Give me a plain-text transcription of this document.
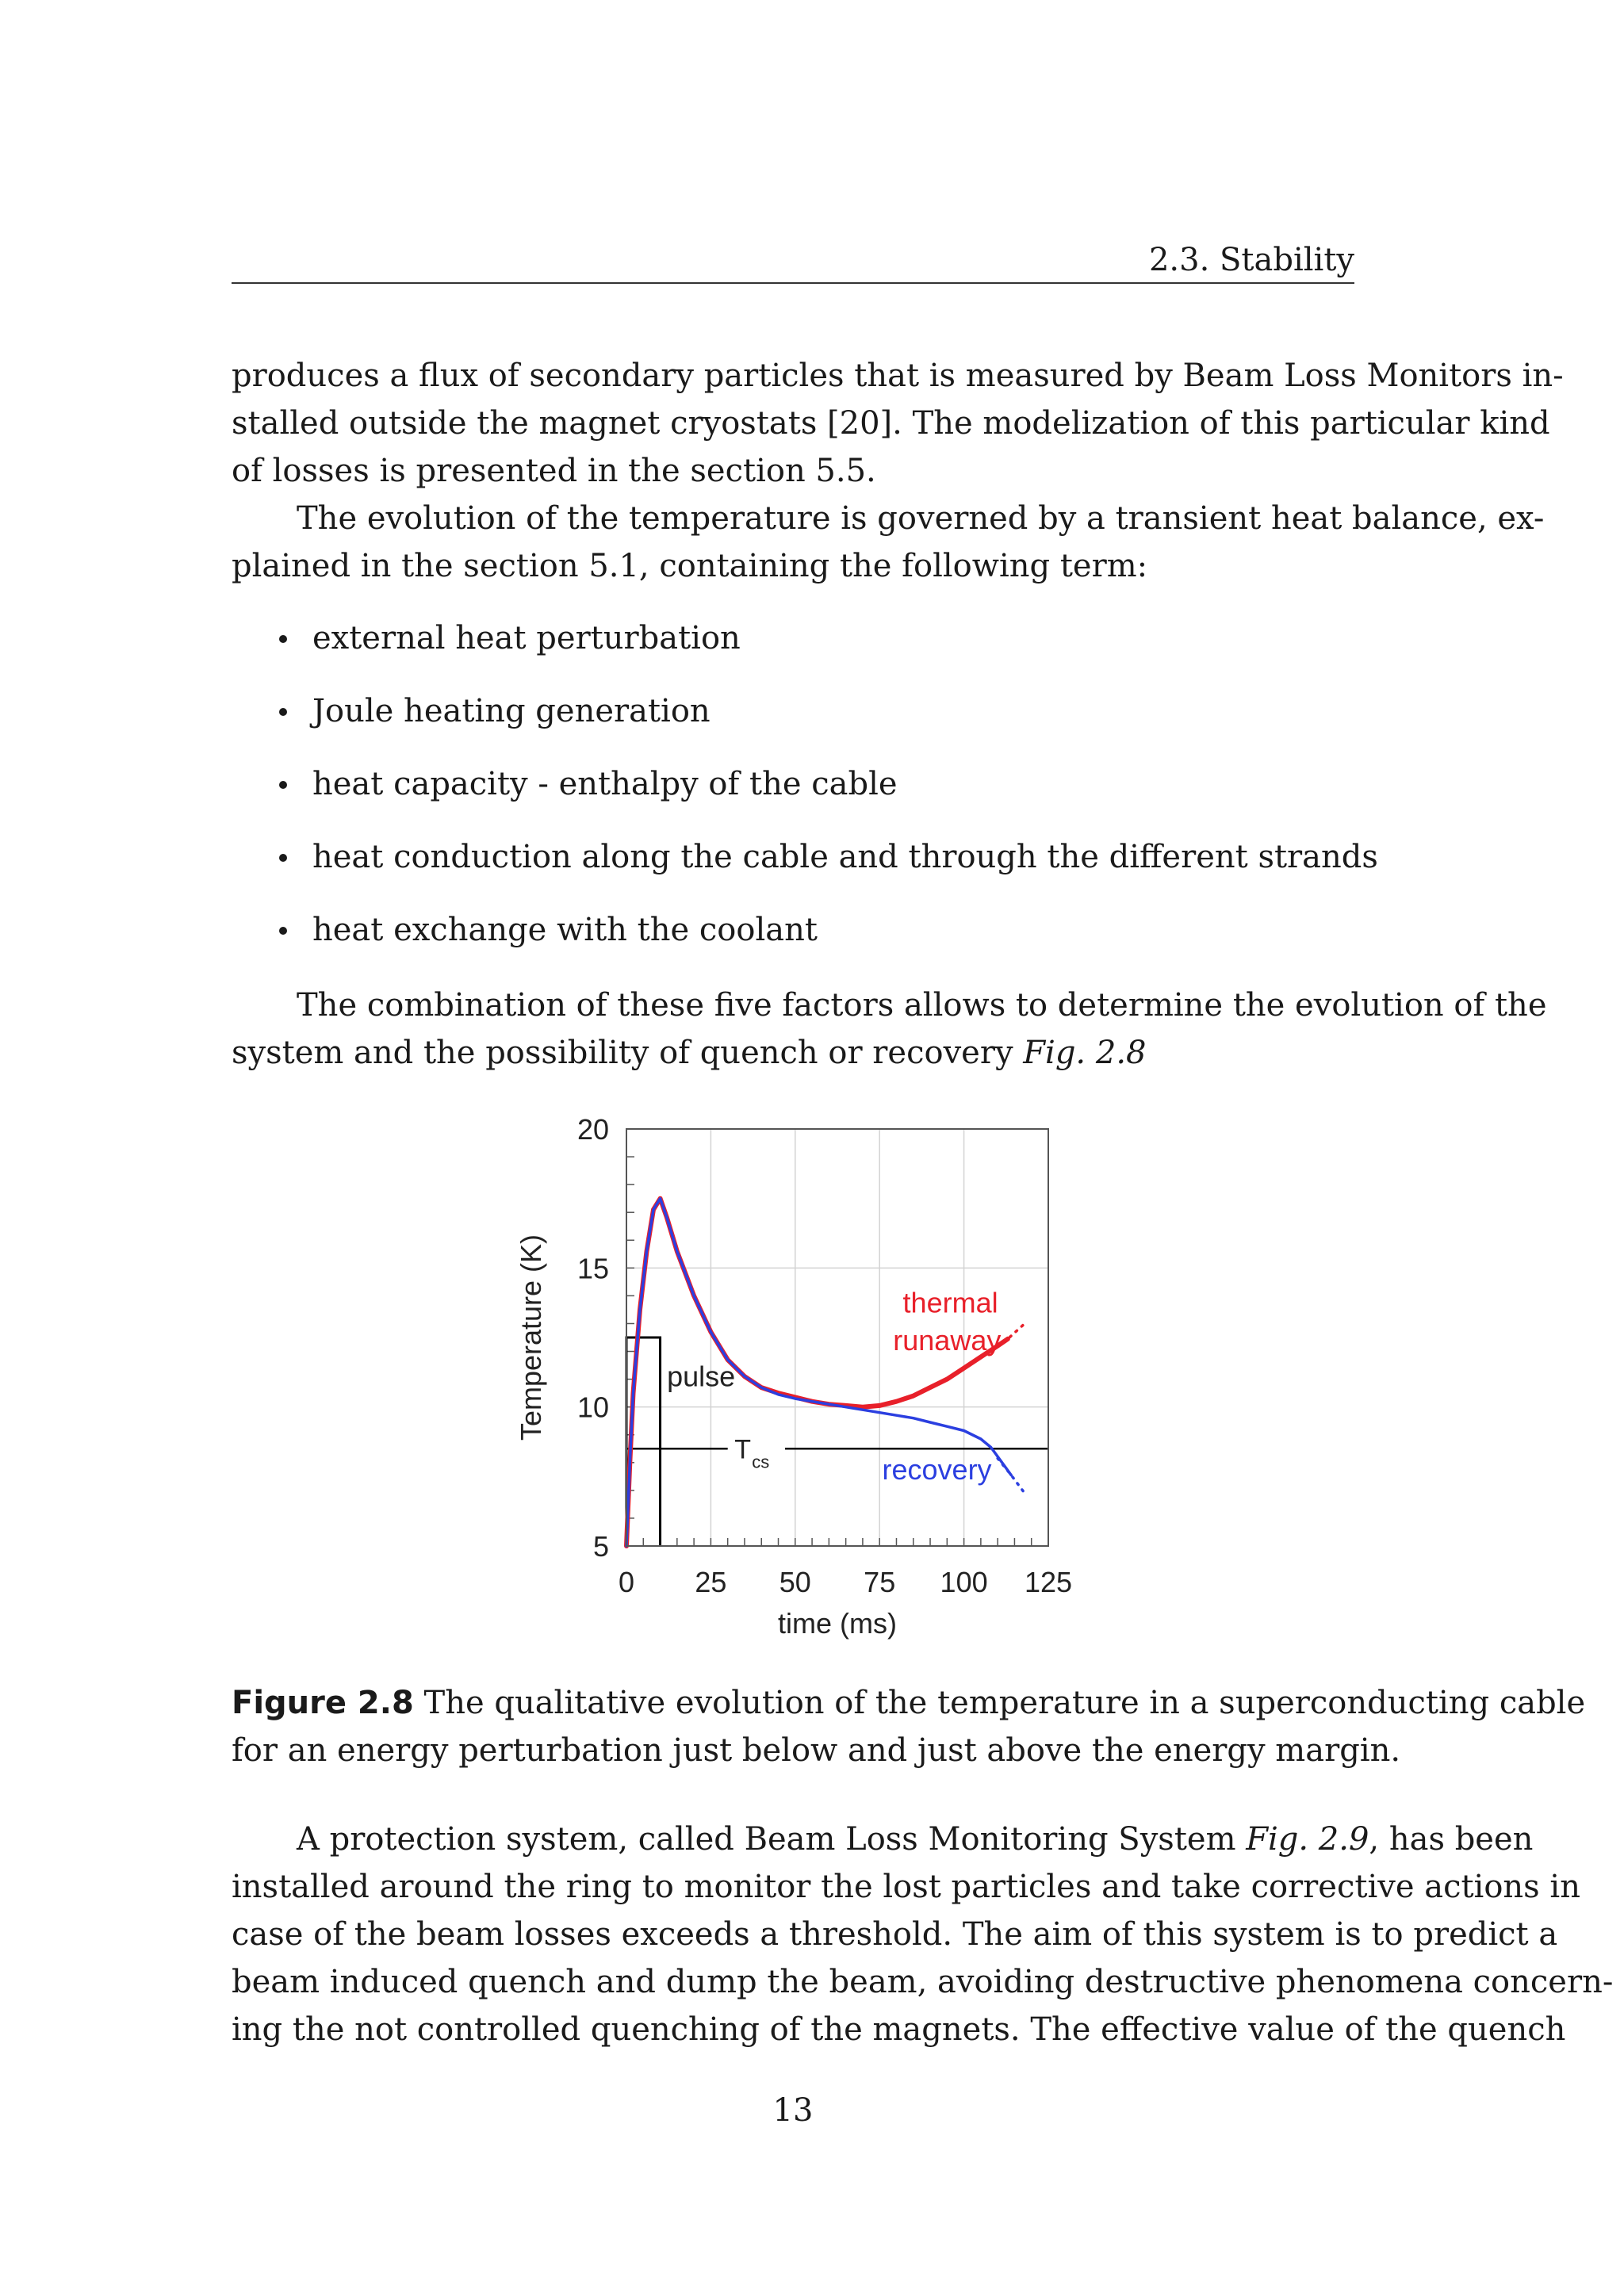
2.3. Stability

produces a flux of secondary particles that is measured by Beam Loss Monitors in-
stalled outside the magnet cryostats [20]. The modelization of this particular kind
of losses is presented in the section 5.5.

The evolution of the temperature is governed by a transient heat balance, ex-
plained in the section 5.1, containing the following term:

external heat perturbation
Joule heating generation
heat capacity - enthalpy of the cable
heat conduction along the cable and through the different strands
heat exchange with the coolant

The combination of these five factors allows to determine the evolution of the
system and the possibility of quench or recovery Fig. 2.8

0 25 50 75 100 125
5
10
15
20
time (ms)
Temperature (K)
T cs
pulse
thermal
runaway
recovery

Figure 2.8 The qualitative evolution of the temperature in a superconducting cable
for an energy perturbation just below and just above the energy margin.

A protection system, called Beam Loss Monitoring System Fig. 2.9, has been
installed around the ring to monitor the lost particles and take corrective actions in
case of the beam losses exceeds a threshold. The aim of this system is to predict a
beam induced quench and dump the beam, avoiding destructive phenomena concern-
ing the not controlled quenching of the magnets. The effective value of the quench

13
